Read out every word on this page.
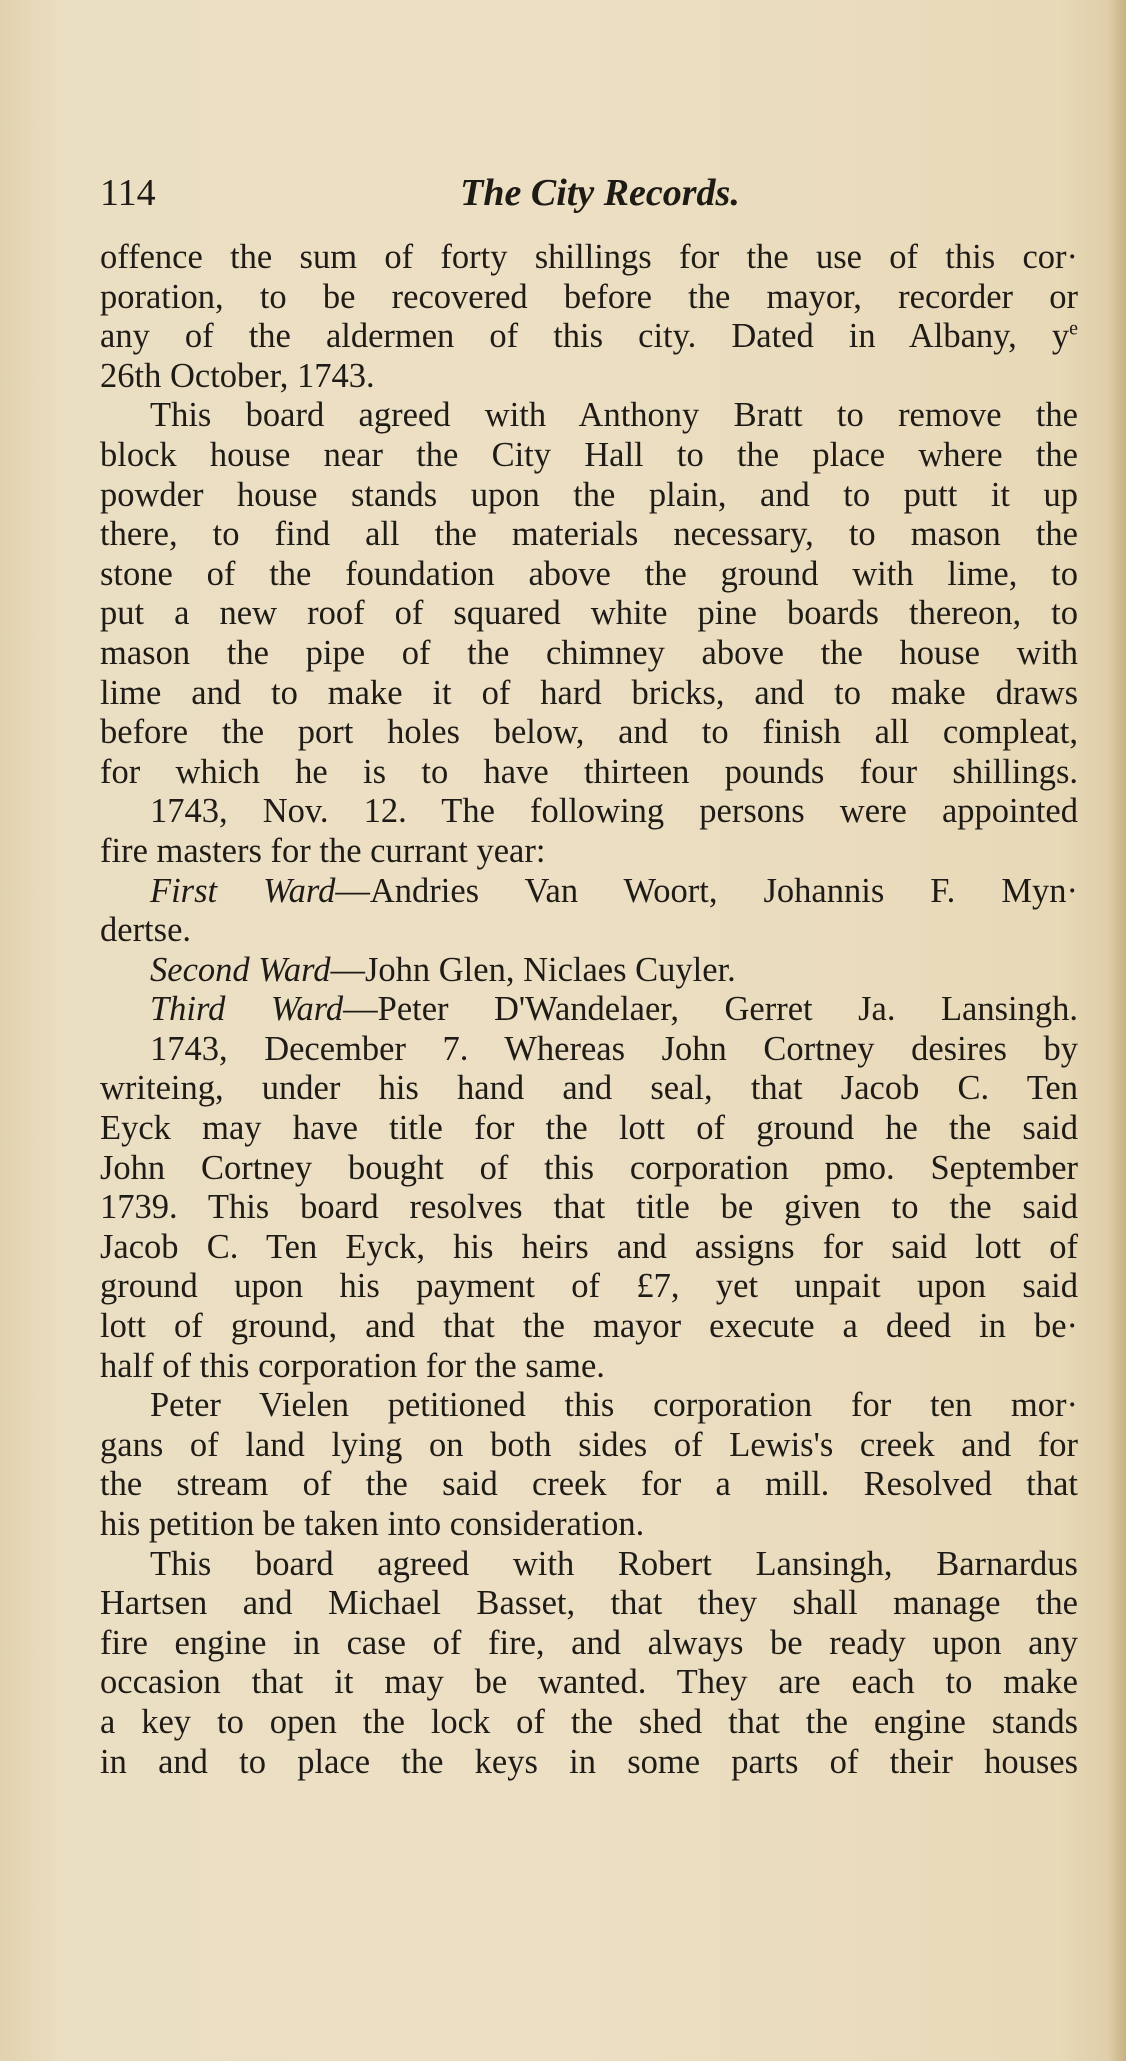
114	The City Records.

offence the sum of forty shillings for the use of this cor·
poration, to be recovered before the mayor, recorder or
any of the aldermen of this city. Dated in Albany, $y^e$
26th October, 1743.

This board agreed with Anthony Bratt to remove the
block house near the City Hall to the place where the
powder house stands upon the plain, and to putt it up
there, to find all the materials necessary, to mason the
stone of the foundation above the ground with lime, to
put a new roof of squared white pine boards thereon, to
mason the pipe of the chimney above the house with
lime and to make it of hard bricks, and to make draws
before the port holes below, and to finish all compleat,
for which he is to have thirteen pounds four shillings.

1743, Nov. 12. The following persons were appointed
fire masters for the currant year:

First Ward—Andries Van Woort, Johannis F. Myn·
dertse.

Second Ward—John Glen, Niclaes Cuyler.

Third Ward—Peter D'Wandelaer, Gerret Ja. Lansingh.

1743, December 7. Whereas John Cortney desires by
writeing, under his hand and seal, that Jacob C. Ten
Eyck may have title for the lott of ground he the said
John Cortney bought of this corporation pmo. September
1739. This board resolves that title be given to the said
Jacob C. Ten Eyck, his heirs and assigns for said lott of
ground upon his payment of £7, yet unpait upon said
lott of ground, and that the mayor execute a deed in be·
half of this corporation for the same.

Peter Vielen petitioned this corporation for ten mor·
gans of land lying on both sides of Lewis's creek and for
the stream of the said creek for a mill. Resolved that
his petition be taken into consideration.

This board agreed with Robert Lansingh, Barnardus
Hartsen and Michael Basset, that they shall manage the
fire engine in case of fire, and always be ready upon any
occasion that it may be wanted. They are each to make
a key to open the lock of the shed that the engine stands
in and to place the keys in some parts of their houses
